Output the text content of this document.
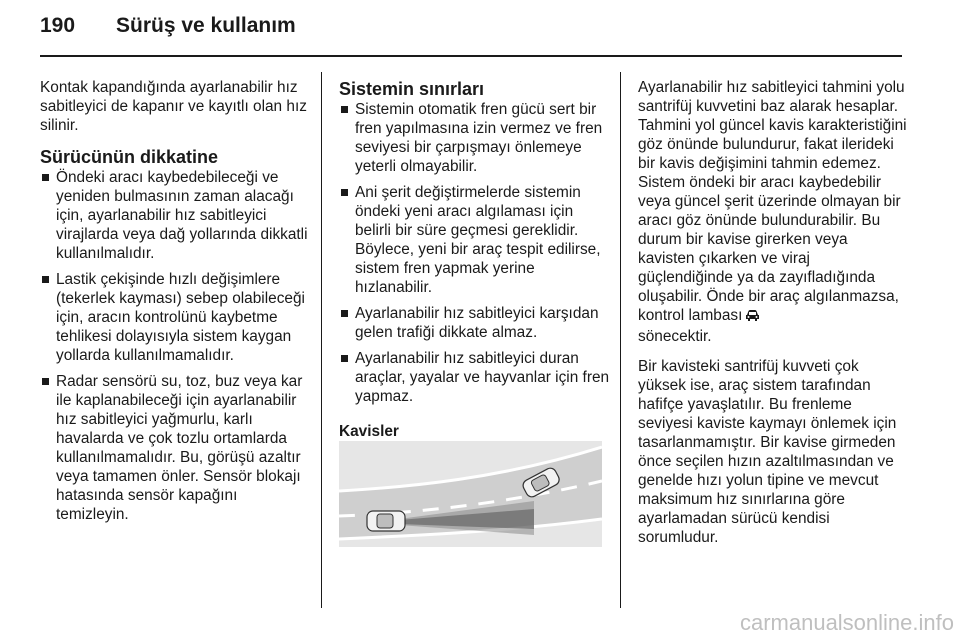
190	Sürüş ve kullanım

Kontak kapandığında ayarlanabilir hız sabitleyici de kapanır ve kayıtlı olan hız silinir.

Sürücünün dikkatine
Öndeki aracı kaybedebileceği ve yeniden bulmasının zaman alacağı için, ayarlanabilir hız sabitleyici virajlarda veya dağ yollarında dikkatli kullanılmalıdır.
Lastik çekişinde hızlı değişimlere (tekerlek kayması) sebep olabileceği için, aracın kontrolünü kaybetme tehlikesi dolayısıyla sistem kaygan yollarda kullanılmamalıdır.
Radar sensörü su, toz, buz veya kar ile kaplanabileceği için ayarlanabilir hız sabitleyici yağmurlu, karlı havalarda ve çok tozlu ortamlarda kullanılmamalıdır. Bu, görüşü azaltır veya tamamen önler. Sensör blokajı hatasında sensör kapağını temizleyin.
Sistemin sınırları
Sistemin otomatik fren gücü sert bir fren yapılmasına izin vermez ve fren seviyesi bir çarpışmayı önlemeye yeterli olmayabilir.
Ani şerit değiştirmelerde sistemin öndeki yeni aracı algılaması için belirli bir süre geçmesi gereklidir. Böylece, yeni bir araç tespit edilirse, sistem fren yapmak yerine hızlanabilir.
Ayarlanabilir hız sabitleyici karşıdan gelen trafiği dikkate almaz.
Ayarlanabilir hız sabitleyici duran araçlar, yayalar ve hayvanlar için fren yapmaz.
Kavisler

Ayarlanabilir hız sabitleyici tahmini yolu santrifüj kuvvetini baz alarak hesaplar. Tahmini yol güncel kavis karakteristiğini göz önünde bulundurur, fakat ilerideki bir kavis değişimini tahmin edemez. Sistem öndeki bir aracı kaybedebilir veya güncel şerit üzerinde olmayan bir aracı göz önünde bulundurabilir. Bu durum bir kavise girerken veya kavisten çıkarken ve viraj güçlendiğinde ya da zayıfladığında oluşabilir. Önde bir araç algılanmazsa, kontrol lambası
sönecektir.

Bir kavisteki santrifüj kuvveti çok yüksek ise, araç sistem tarafından hafifçe yavaşlatılır. Bu frenleme seviyesi kaviste kaymayı önlemek için tasarlanmamıştır. Bir kavise girmeden önce seçilen hızın azaltılmasından ve genelde hızı yolun tipine ve mevcut maksimum hız sınırlarına göre ayarlamadan sürücü kendisi sorumludur.

carmanualsonline.info
